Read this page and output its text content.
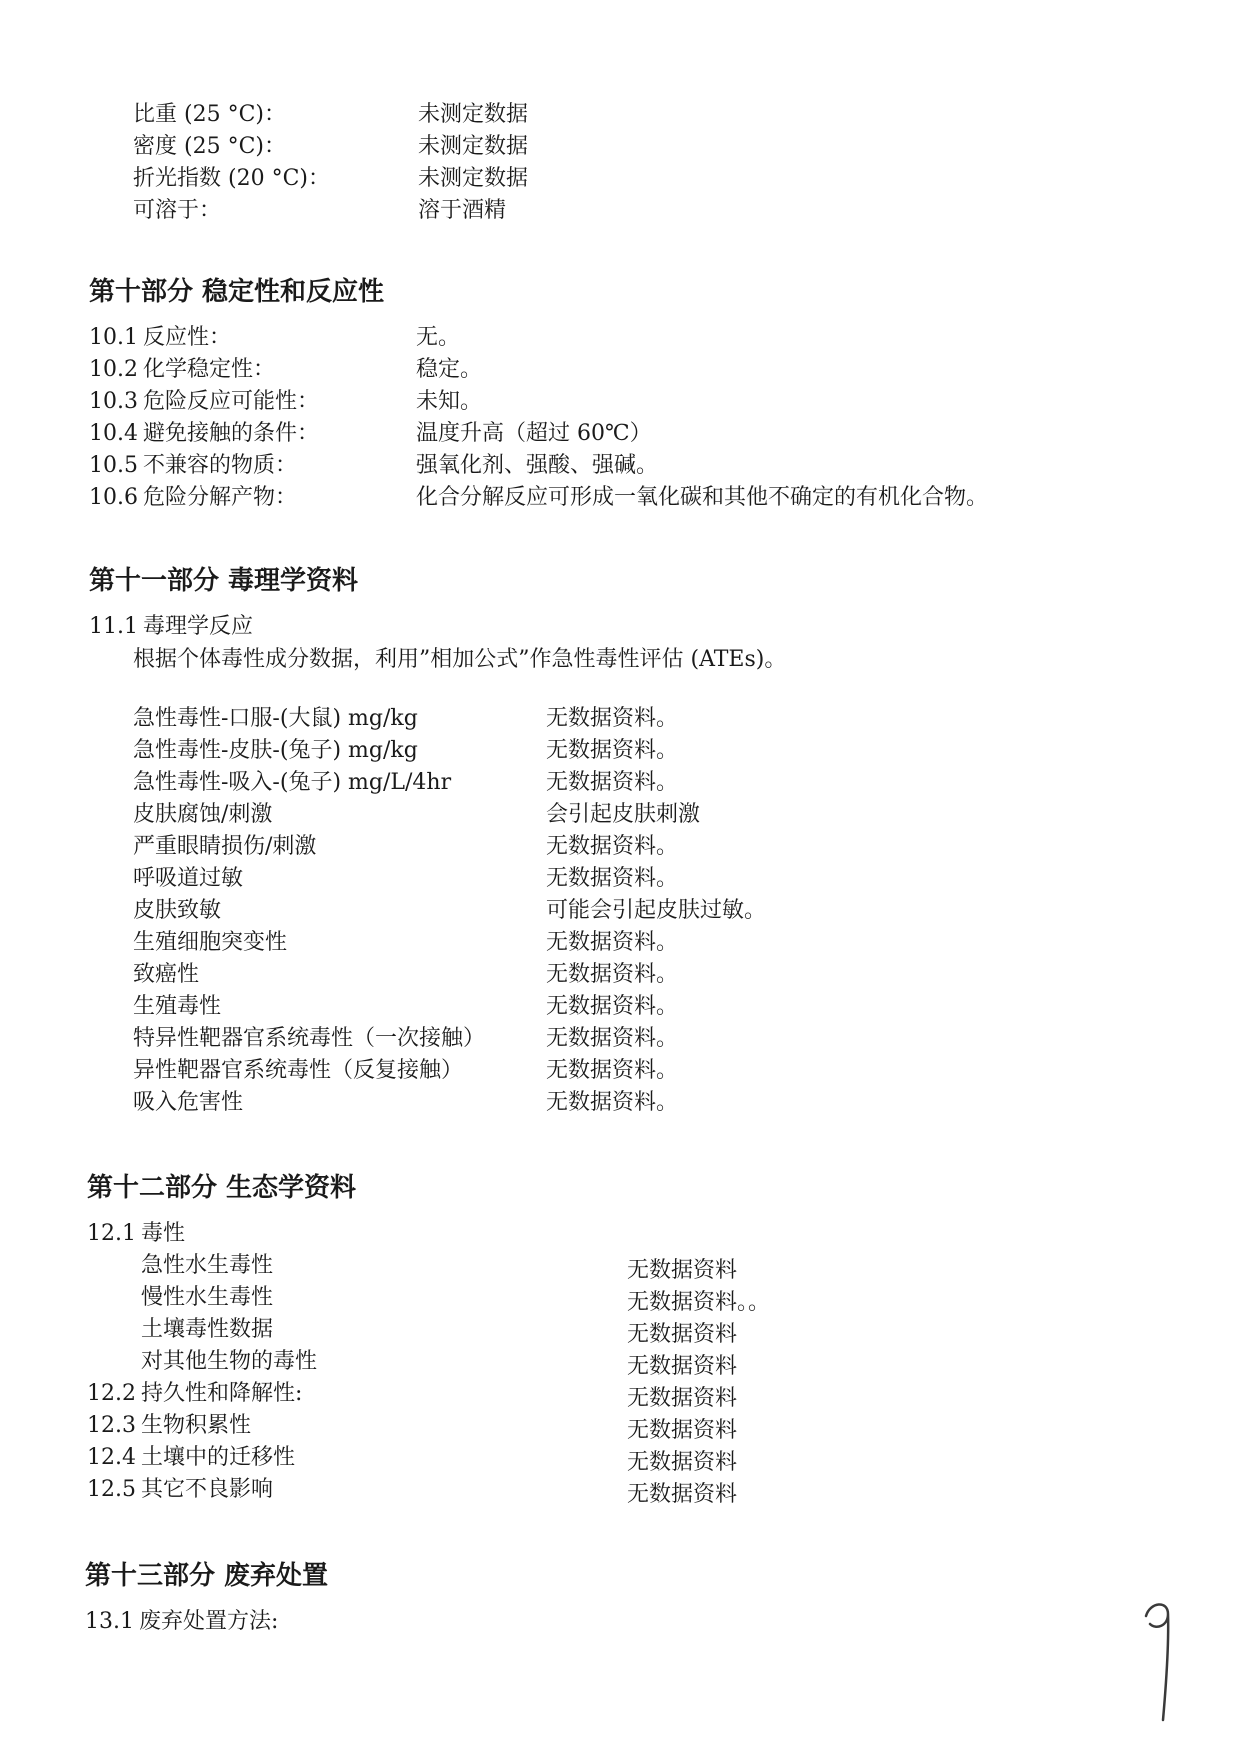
比重 (25 °C)：	未测定数据
密度 (25 °C)：	未测定数据
折光指数 (20 °C)：	未测定数据
可溶于：	溶于酒精
第十部分 稳定性和反应性
10.1 反应性：	无。
10.2 化学稳定性：	稳定。
10.3 危险反应可能性：	未知。
10.4 避免接触的条件：	温度升高（超过 60℃）
10.5 不兼容的物质：	强氧化剂、强酸、强碱。
10.6 危险分解产物：	化合分解反应可形成一氧化碳和其他不确定的有机化合物。
第十一部分 毒理学资料
11.1 毒理学反应
根据个体毒性成分数据，利用”相加公式”作急性毒性评估 (ATEs)。
急性毒性-口服-(大鼠) mg/kg	无数据资料。
急性毒性-皮肤-(兔子) mg/kg	无数据资料。
急性毒性-吸入-(兔子) mg/L/4hr	无数据资料。
皮肤腐蚀/刺激	会引起皮肤刺激
严重眼睛损伤/刺激	无数据资料。
呼吸道过敏	无数据资料。
皮肤致敏	可能会引起皮肤过敏。
生殖细胞突变性	无数据资料。
致癌性	无数据资料。
生殖毒性	无数据资料。
特异性靶器官系统毒性（一次接触）	无数据资料。
异性靶器官系统毒性（反复接触）	无数据资料。
吸入危害性	无数据资料。
第十二部分 生态学资料
12.1 毒性
急性水生毒性	无数据资料
慢性水生毒性	无数据资料。。
土壤毒性数据	无数据资料
对其他生物的毒性	无数据资料
12.2 持久性和降解性:	无数据资料
12.3 生物积累性	无数据资料
12.4 土壤中的迁移性	无数据资料
12.5 其它不良影响	无数据资料
第十三部分 废弃处置
13.1 废弃处置方法:
